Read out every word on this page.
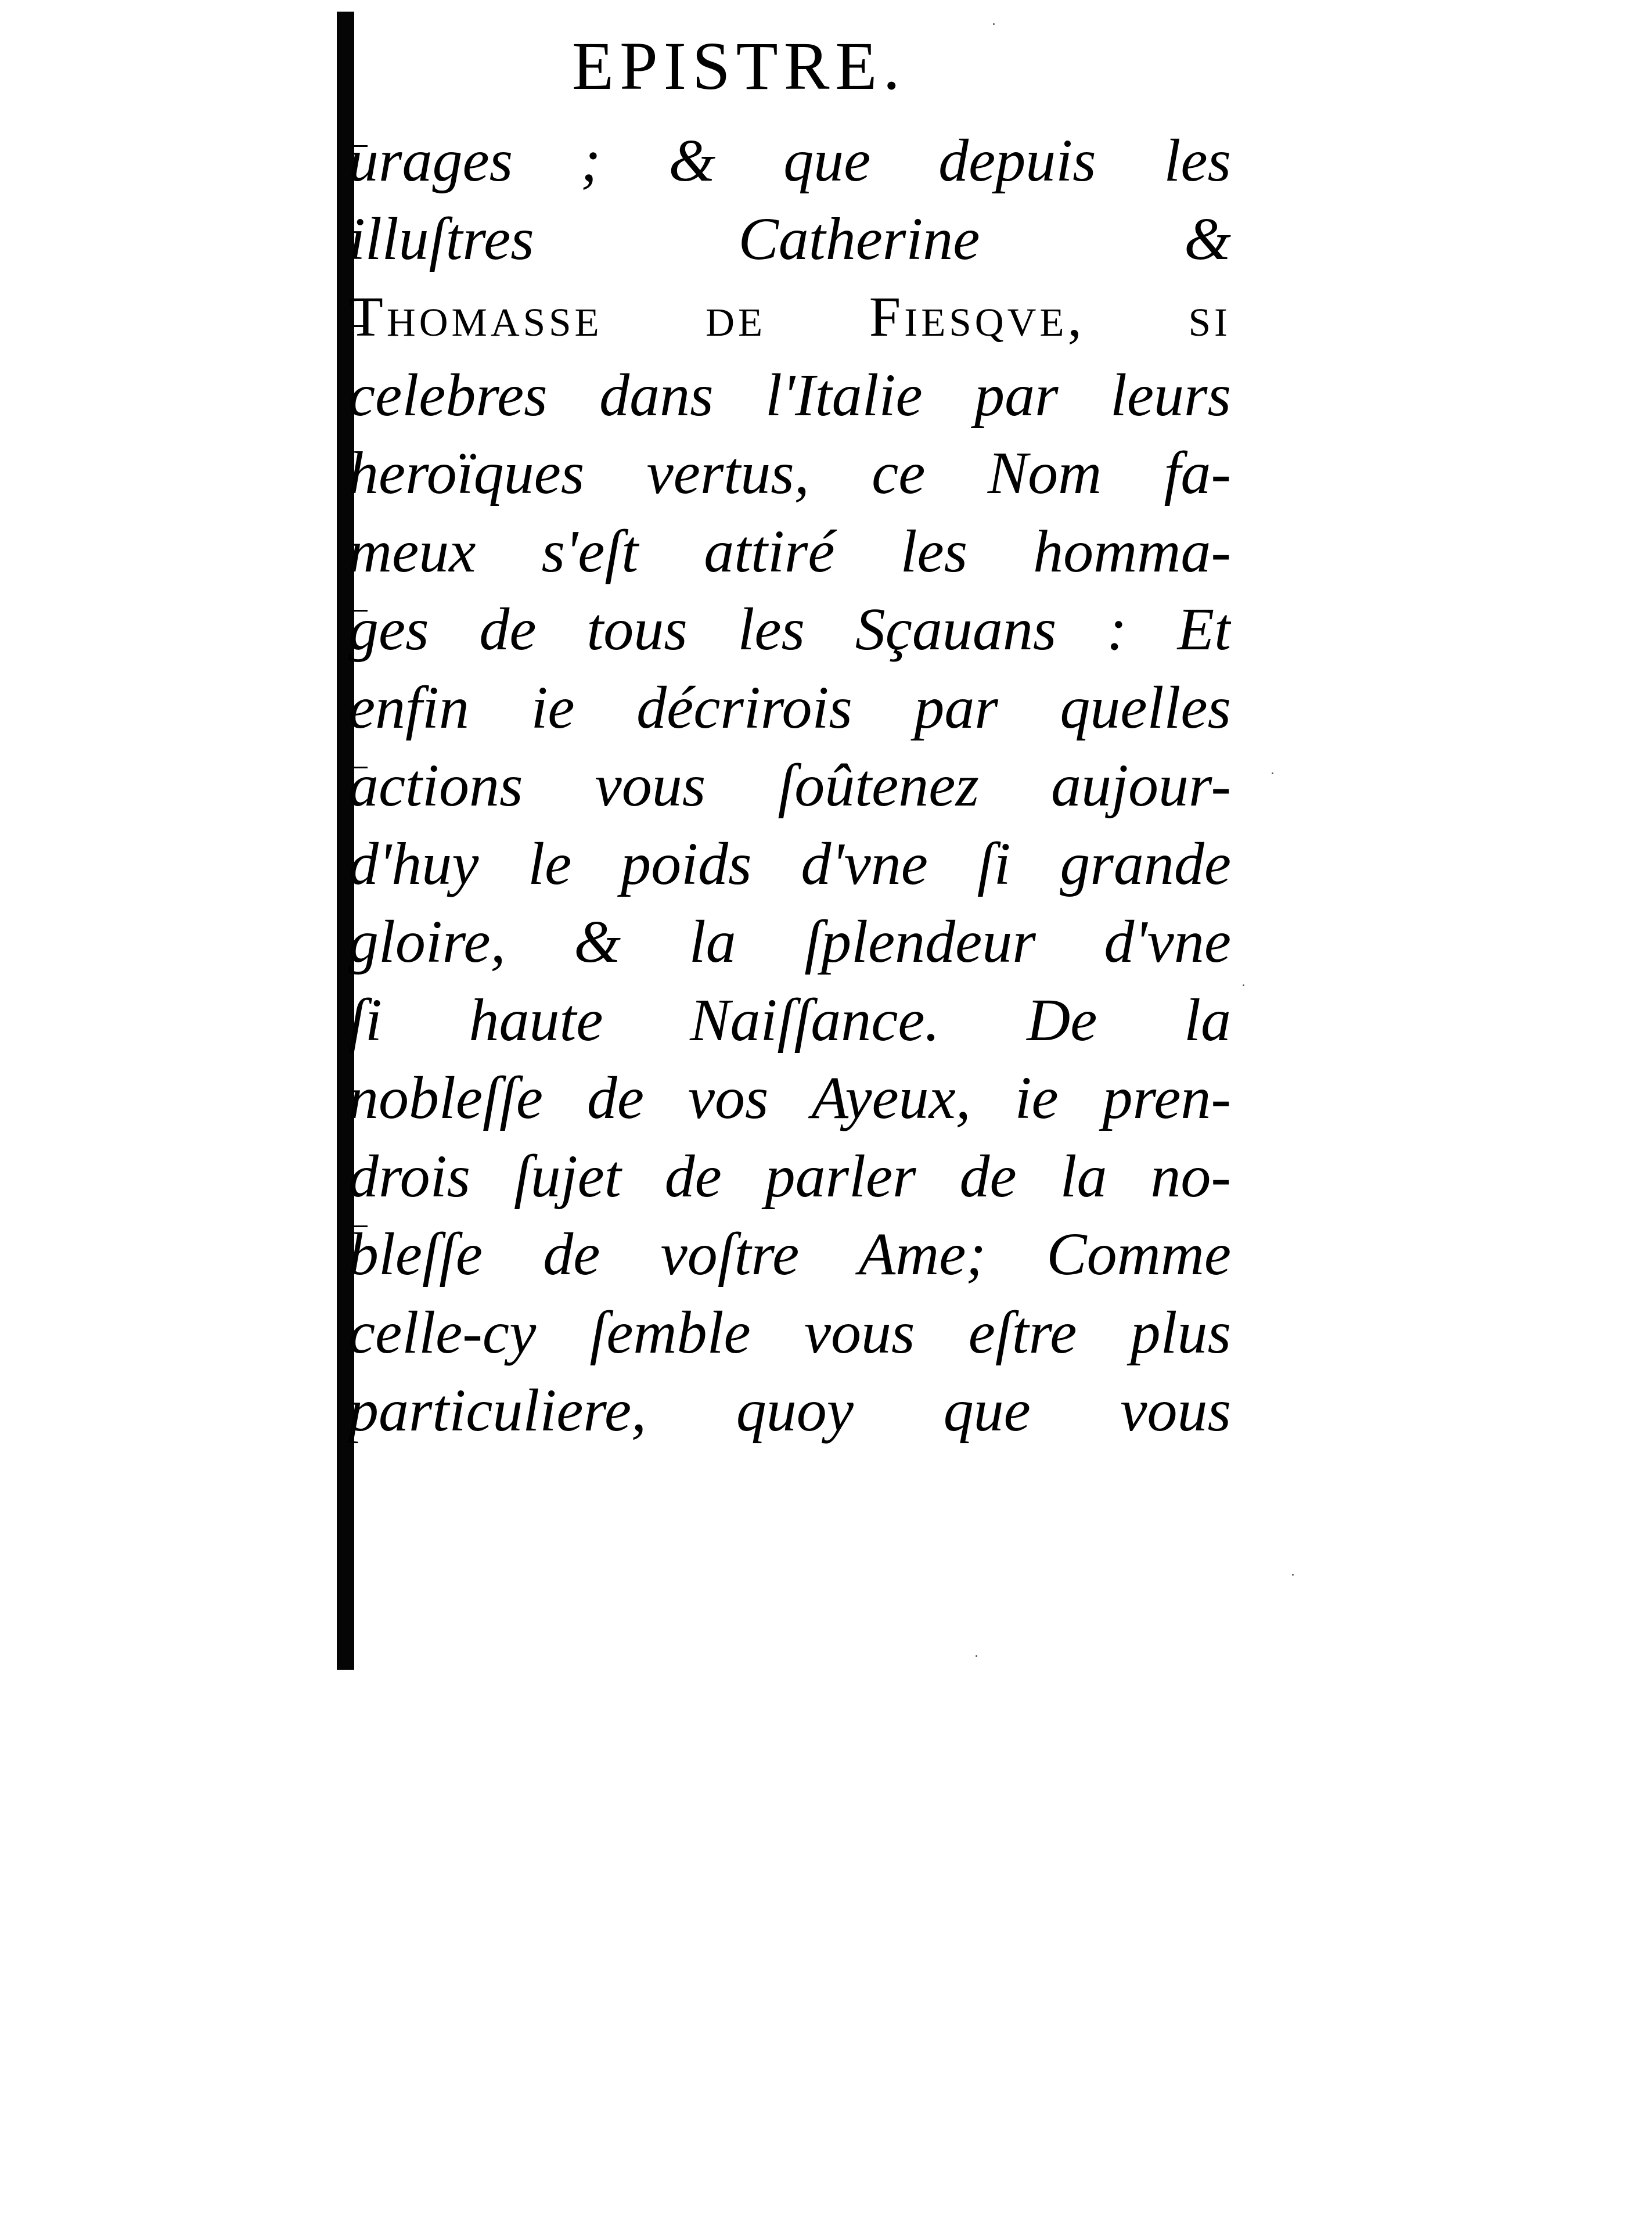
EPISTRE.
urages ; & que depuis les
illuſtres Catherine &
Thomasse de Fiesqve, ſi
celebres dans l'Italie par leurs
heroïques vertus, ce Nom fa-
meux s'eſt attiré les homma-
ges de tous les Sçauans : Et
enfin ie décrirois par quelles
actions vous ſoûtenez aujour-
d'huy le poids d'vne ſi grande
gloire, & la ſplendeur d'vne
ſi haute Naiſſance. De la
nobleſſe de vos Ayeux, ie pren-
drois ſujet de parler de la no-
bleſſe de voſtre Ame; Comme
celle-cy ſemble vous eſtre plus
particuliere, quoy que vous
